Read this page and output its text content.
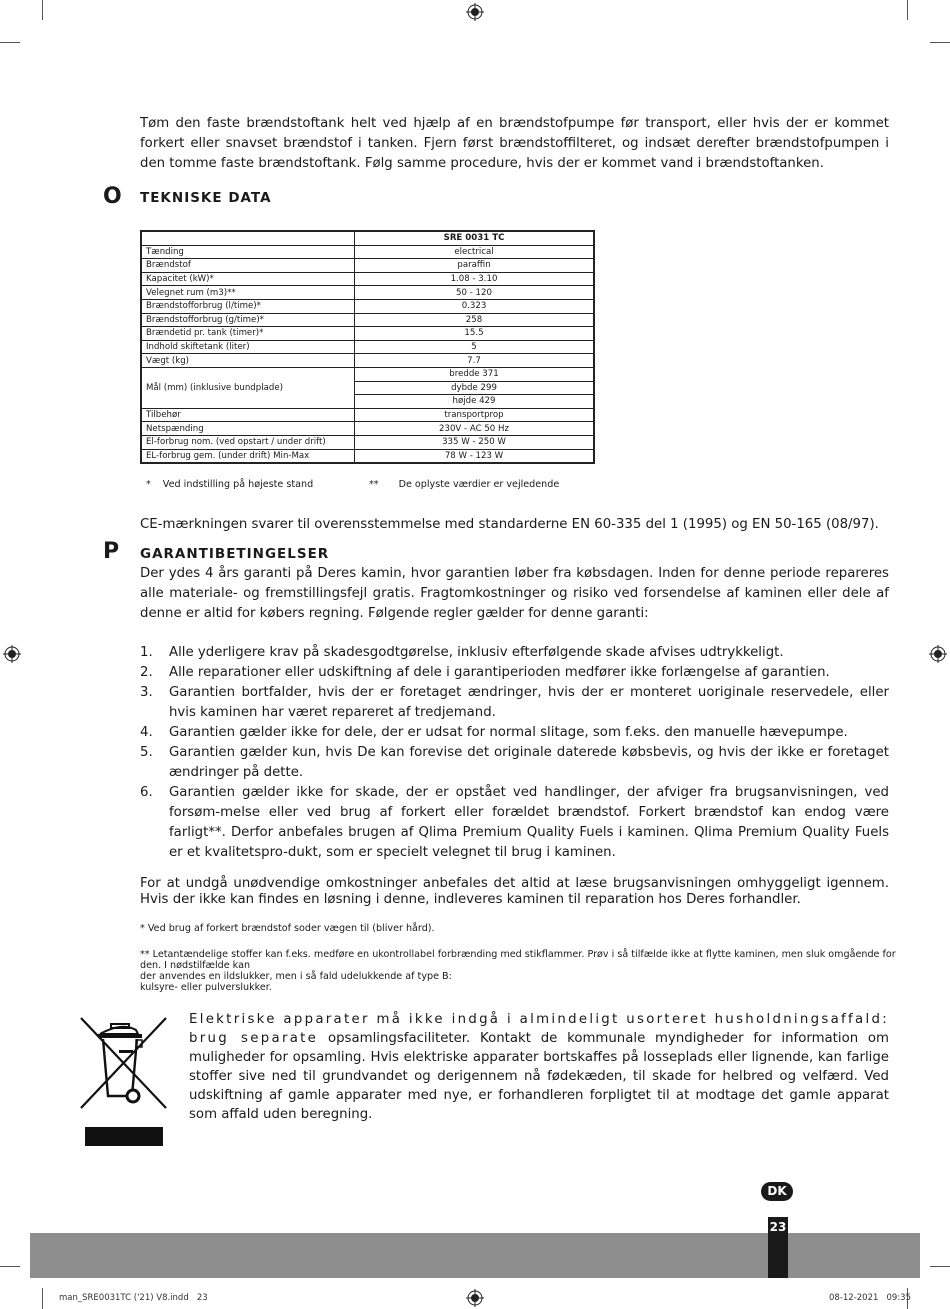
Tøm den faste brændstoftank helt ved hjælp af en brændstofpumpe før transport, eller hvis der er kommet forkert eller snavset brændstof i tanken. Fjern først brændstoffilteret, og indsæt derefter brændstofpumpen i den tomme faste brændstoftank. Følg samme procedure, hvis der er kommet vand i brændstoftanken.
O TEKNISKE DATA
	SRE 0031 TC
Tænding	electrical
Brændstof	paraffin
Kapacitet (kW)*	1.08 - 3.10
Velegnet rum (m3)**	50 - 120
Brændstofforbrug (l/time)*	0.323
Brændstofforbrug (g/time)*	258
Brændetid pr. tank (timer)*	15.5
Indhold skiftetank (liter)	5
Vægt (kg)	7.7
Mål (mm) (inklusive bundplade)	bredde 371
	dybde 299
	højde 429
Tilbehør	transportprop
Netspænding	230V - AC 50 Hz
El-forbrug nom. (ved opstart / under drift)	335 W - 250 W
EL-forbrug gem. (under drift) Min-Max	78 W - 123 W
* Ved indstilling på højeste stand	** De oplyste værdier er vejledende
CE-mærkningen svarer til overensstemmelse med standarderne EN 60-335 del 1 (1995) og EN 50-165 (08/97).
P GARANTIBETINGELSER
Der ydes 4 års garanti på Deres kamin, hvor garantien løber fra købsdagen. Inden for denne periode repareres alle materiale- og fremstillingsfejl gratis. Fragtomkostninger og risiko ved forsendelse af kaminen eller dele af denne er altid for købers regning. Følgende regler gælder for denne garanti:
1. Alle yderligere krav på skadesgodtgørelse, inklusiv efterfølgende skade afvises udtrykkeligt.
2. Alle reparationer eller udskiftning af dele i garantiperioden medfører ikke forlængelse af garantien.
3. Garantien bortfalder, hvis der er foretaget ændringer, hvis der er monteret uoriginale reservedele, eller hvis kaminen har været repareret af tredjemand.
4. Garantien gælder ikke for dele, der er udsat for normal slitage, som f.eks. den manuelle hævepumpe.
5. Garantien gælder kun, hvis De kan forevise det originale daterede købsbevis, og hvis der ikke er foretaget ændringer på dette.
6. Garantien gælder ikke for skade, der er opstået ved handlinger, der afviger fra brugsanvisningen, ved forsøm-melse eller ved brug af forkert eller forældet brændstof. Forkert brændstof kan endog være farligt**. Derfor anbefales brugen af Qlima Premium Quality Fuels i kaminen. Qlima Premium Quality Fuels er et kvalitetspro-dukt, som er specielt velegnet til brug i kaminen.
For at undgå unødvendige omkostninger anbefales det altid at læse brugsanvisningen omhyggeligt igennem. Hvis der ikke kan findes en løsning i denne, indleveres kaminen til reparation hos Deres forhandler.
* Ved brug af forkert brændstof soder vægen til (bliver hård).
** Letantændelige stoffer kan f.eks. medføre en ukontrollabel forbrænding med stikflammer. Prøv i så tilfælde ikke at flytte kaminen, men sluk omgående for den. I nødstilfælde kan
der anvendes en ildslukker, men i så fald udelukkende af type B:
kulsyre- eller pulverslukker.
Elektriske apparater må ikke indgå i almindeligt usorteret husholdningsaffald: brug separate opsamlingsfaciliteter. Kontakt de kommunale myndigheder for information om muligheder for opsamling. Hvis elektriske apparater bortskaffes på losseplads eller lignende, kan farlige stoffer sive ned til grundvandet og derigennem nå fødekæden, til skade for helbred og velfærd. Ved udskiftning af gamle apparater med nye, er forhandleren forpligtet til at modtage det gamle apparat som affald uden beregning.
DK
23
man_SRE0031TC ('21) V8.indd   23	08-12-2021   09:35
